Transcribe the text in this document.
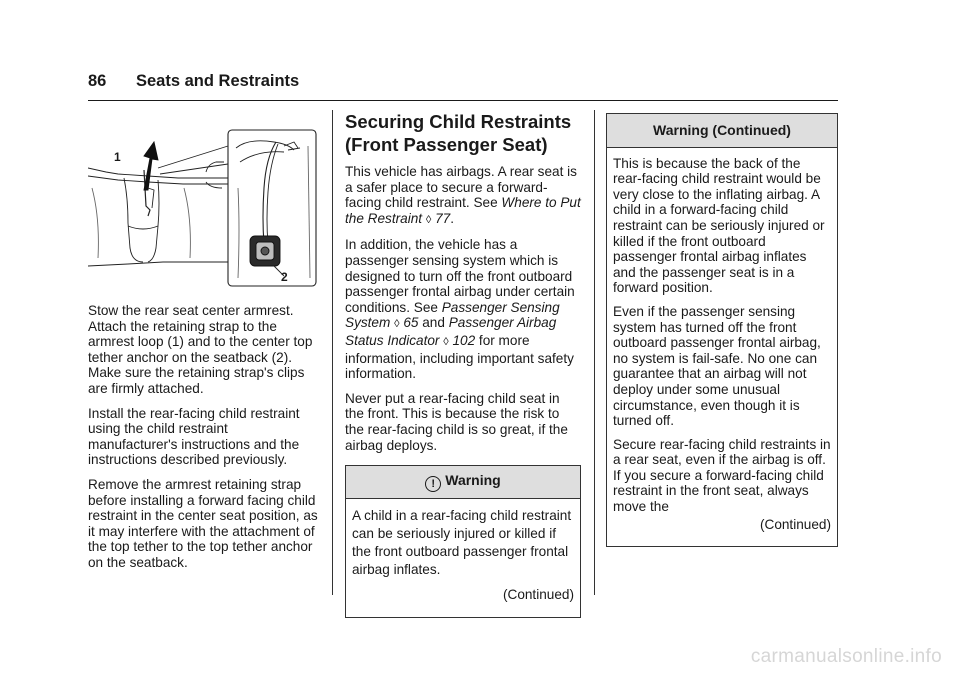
86 Seats and Restraints
1
2

Stow the rear seat center armrest. Attach the retaining strap to the armrest loop (1) and to the center top tether anchor on the seatback (2). Make sure the retaining strap's clips are firmly attached.

Install the rear-facing child restraint using the child restraint manufacturer's instructions and the instructions described previously.

Remove the armrest retaining strap before installing a forward facing child restraint in the center seat position, as it may interfere with the attachment of the top tether to the top tether anchor on the seatback.

Securing Child Restraints (Front Passenger Seat)

This vehicle has airbags. A rear seat is a safer place to secure a forward-facing child restraint. See Where to Put the Restraint ◊ 77.

In addition, the vehicle has a passenger sensing system which is designed to turn off the front outboard passenger frontal airbag under certain conditions. See Passenger Sensing System ◊ 65 and Passenger Airbag Status Indicator ◊ 102 for more information, including important safety information.

Never put a rear-facing child seat in the front. This is because the risk to the rear-facing child is so great, if the airbag deploys.

! Warning

A child in a rear-facing child restraint can be seriously injured or killed if the front outboard passenger frontal airbag inflates.

(Continued)

Warning (Continued)

This is because the back of the rear-facing child restraint would be very close to the inflating airbag. A child in a forward-facing child restraint can be seriously injured or killed if the front outboard passenger frontal airbag inflates and the passenger seat is in a forward position.

Even if the passenger sensing system has turned off the front outboard passenger frontal airbag, no system is fail-safe. No one can guarantee that an airbag will not deploy under some unusual circumstance, even though it is turned off.

Secure rear-facing child restraints in a rear seat, even if the airbag is off. If you secure a forward-facing child restraint in the front seat, always move the

(Continued)

carmanualsonline.info
